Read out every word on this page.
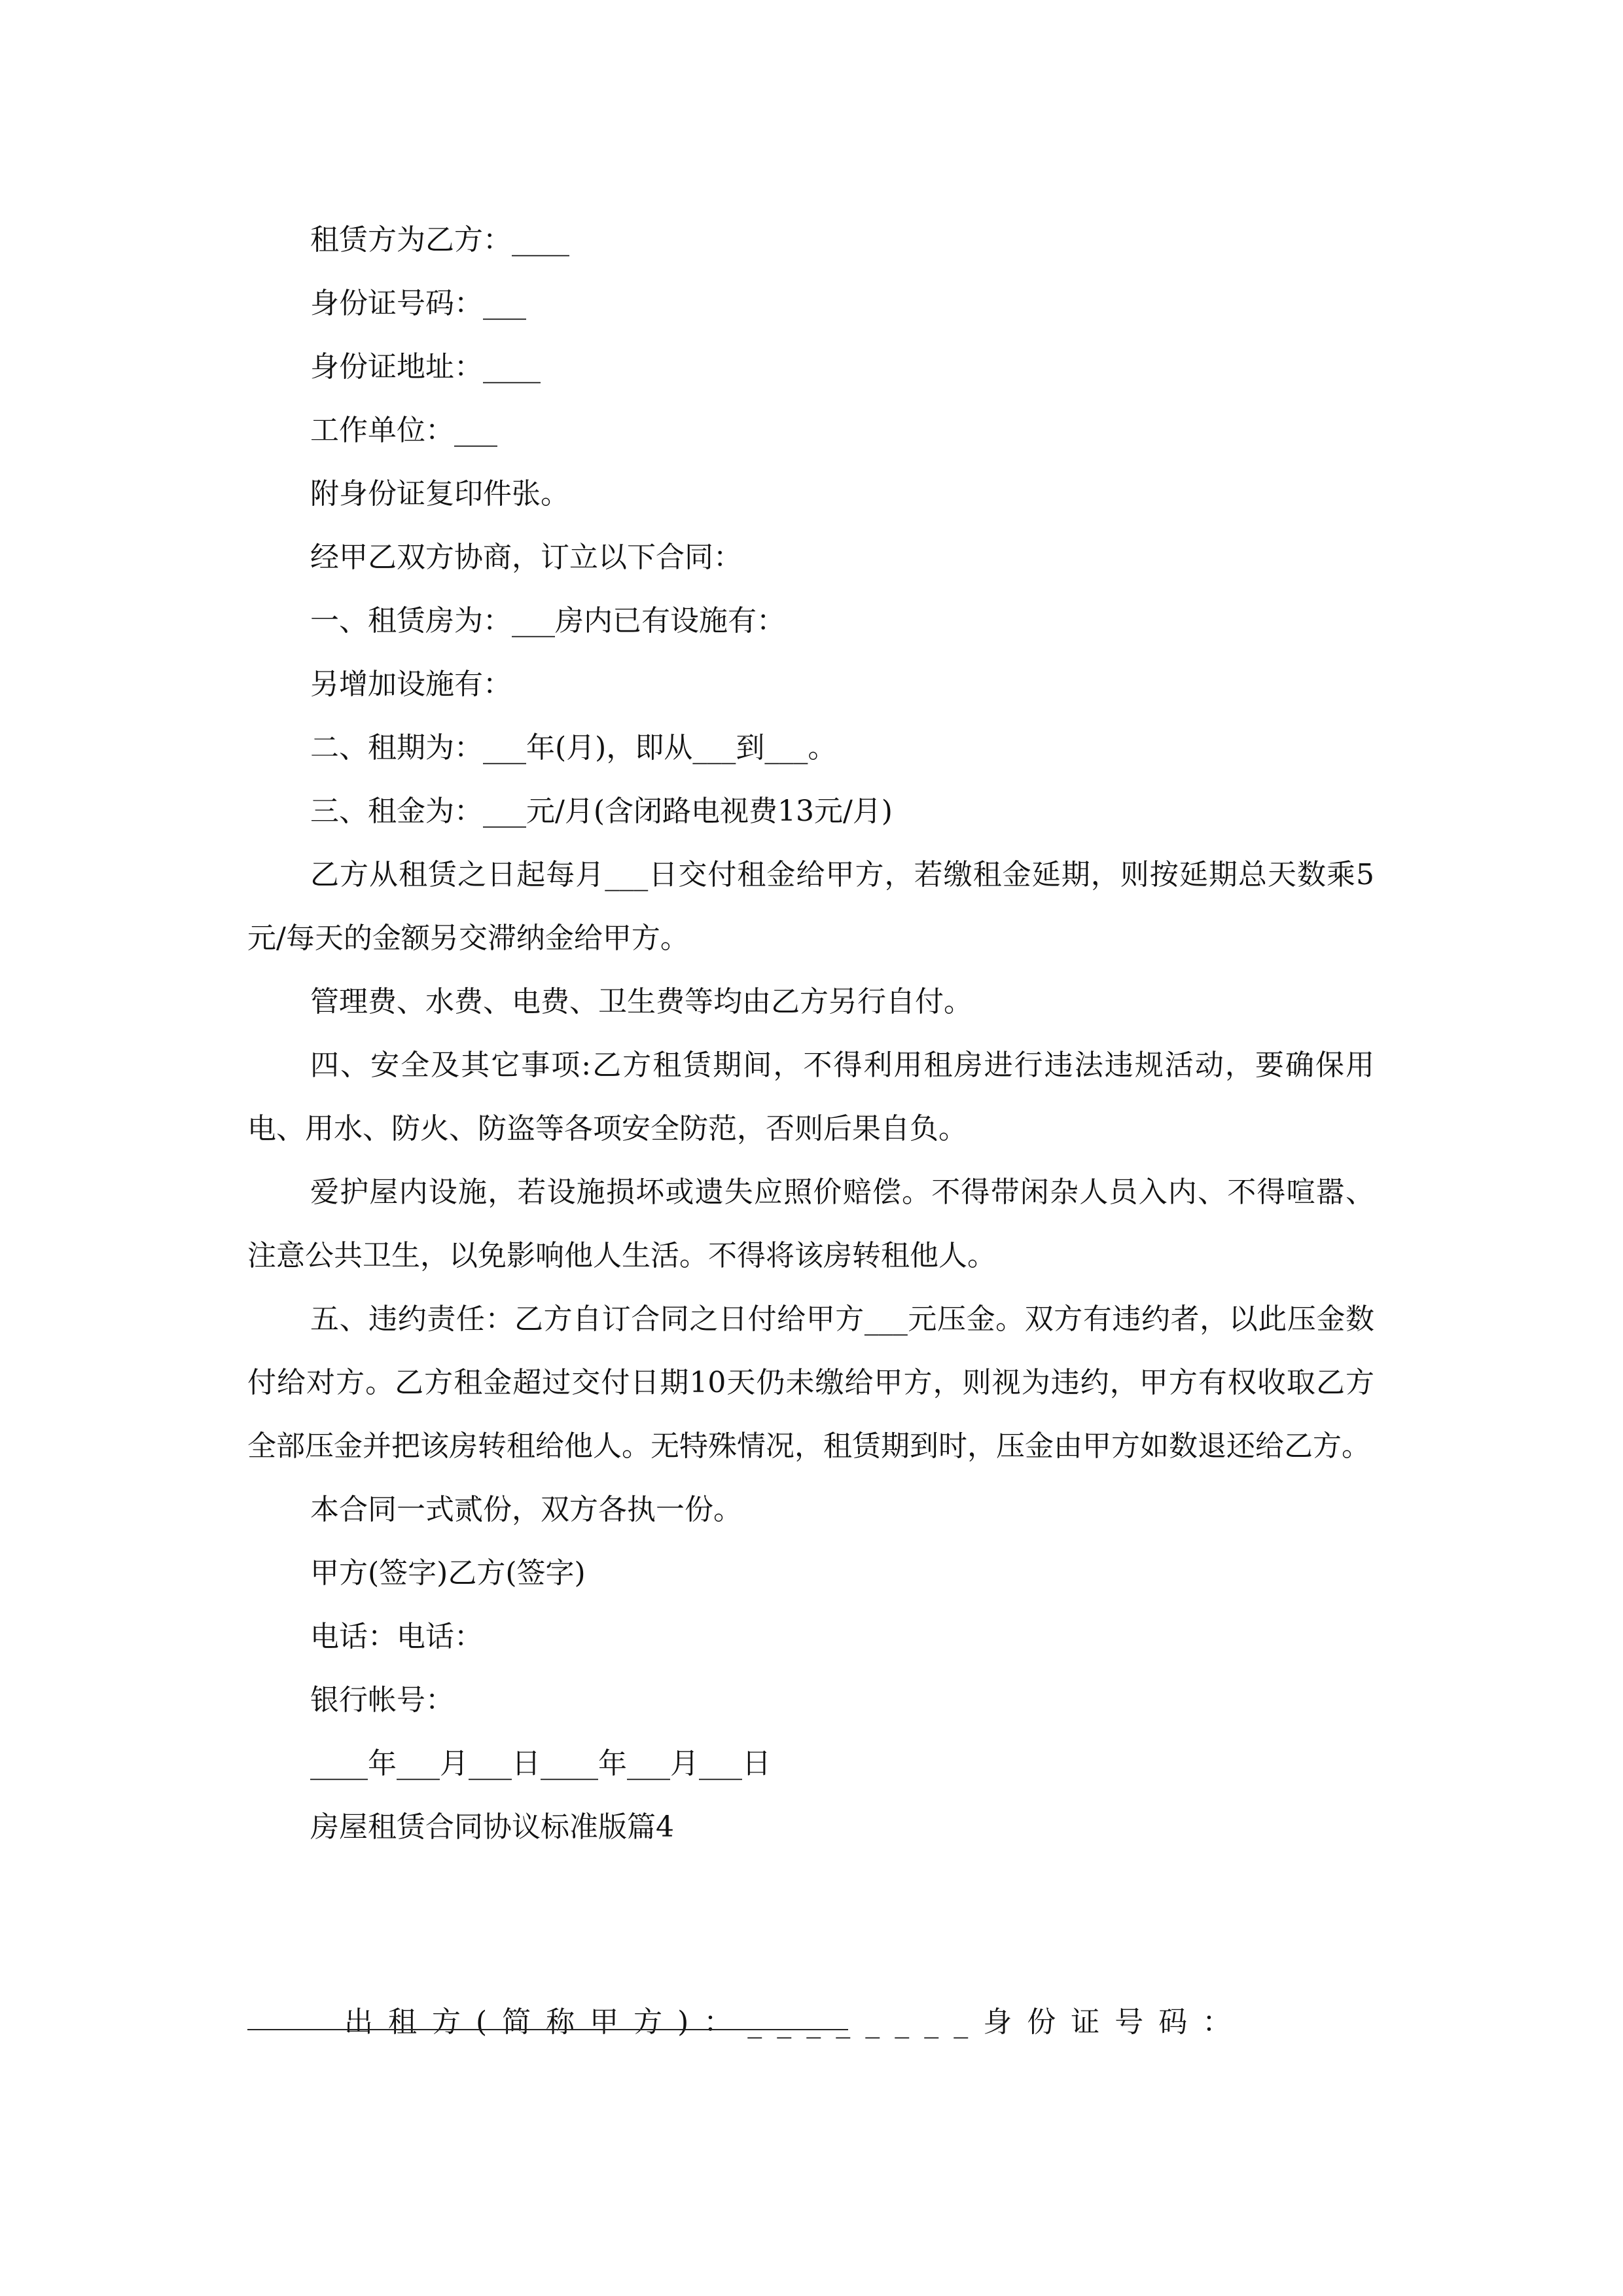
租赁方为乙方：____

身份证号码：___

身份证地址：____

工作单位：___

附身份证复印件张。

经甲乙双方协商，订立以下合同：

一、租赁房为：___房内已有设施有：

另增加设施有：

二、租期为：___年(月)，即从___到___。

三、租金为：___元/月(含闭路电视费13元/月)

乙方从租赁之日起每月___日交付租金给甲方，若缴租金延期，则按延期总天数乘5元/每天的金额另交滞纳金给甲方。

管理费、水费、电费、卫生费等均由乙方另行自付。

四、安全及其它事项:乙方租赁期间，不得利用租房进行违法违规活动，要确保用电、用水、防火、防盗等各项安全防范，否则后果自负。

爱护屋内设施，若设施损坏或遗失应照价赔偿。不得带闲杂人员入内、不得喧嚣、注意公共卫生，以免影响他人生活。不得将该房转租他人。

五、违约责任：乙方自订合同之日付给甲方___元压金。双方有违约者，以此压金数付给对方。乙方租金超过交付日期10天仍未缴给甲方，则视为违约，甲方有权收取乙方全部压金并把该房转租给他人。无特殊情况，租赁期到时，压金由甲方如数退还给乙方。

本合同一式贰份，双方各执一份。

甲方(签字)乙方(签字)

电话：电话：

银行帐号：

____年___月___日____年___月___日

房屋租赁合同协议标准版篇4

出租方(简称甲方)：________身份证号码：
